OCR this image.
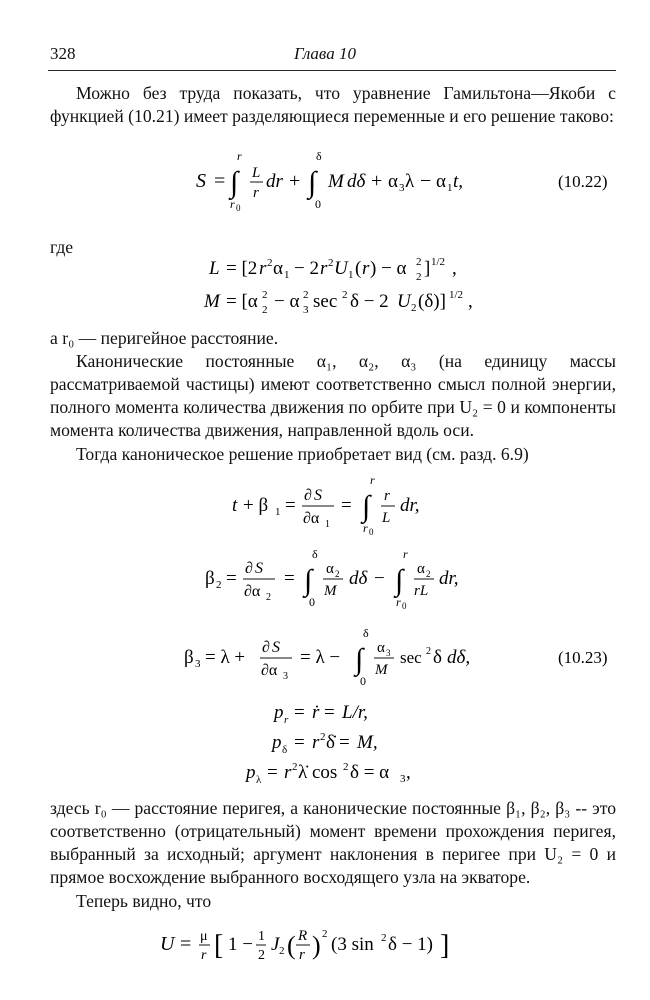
328	Глава 10

Можно без труда показать, что уравнение Гамильтона—Якоби с функцией (10.21) имеет разделяющиеся переменные и его решение таково:

S = ∫
r
r 0
L
r
dr + ∫
δ
0
M dδ + α 3 λ − α 1 t,	(10.22)
L = [2 r 2 α 1 − 2 r 2 U 1 ( r ) − α 2
2 ] 1/2 ,
M = [α 2
2 − α 3
2 sec 2 δ − 2 U 2 (δ)] 1/2 ,
t + β 1 = ∂ S
∂α 1
= ∫
r
r 0
r
L
dr,
β 2 = ∂ S
∂α 2
= ∫
δ
0
α 2
M
dδ − ∫
r
r 0
α 2
rL
dr,
β 3 = λ + ∂ S
∂α 3
= λ − ∫
δ
0
α 3
M
sec 2 δ dδ,	(10.23)
p r = ṙ = L/r,
p δ = r 2 δ̇ = M,
p λ = r 2 λ̇ cos 2 δ = α 3 ,
U = μ
r [ 1 − 1
2
J 2 ( R
r ) 2 (3 sin 2 δ − 1) ]

где

а r₀ — перигейное расстояние.

Канонические постоянные α₁, α₂, α₃ (на единицу массы рассматриваемой частицы) имеют соответственно смысл полной энергии, полного момента количества движения по орбите при U₂ = 0 и компоненты момента количества движения, направленной вдоль оси.

Тогда каноническое решение приобретает вид (см. разд. 6.9)

здесь r₀ — расстояние перигея, а канонические постоянные β₁, β₂, β₃ -- это соответственно (отрицательный) момент времени прохождения перигея, выбранный за исходный; аргумент наклонения в перигее при U₂ = 0 и прямое восхождение выбранного восходящего узла на экваторе.

Теперь видно, что
